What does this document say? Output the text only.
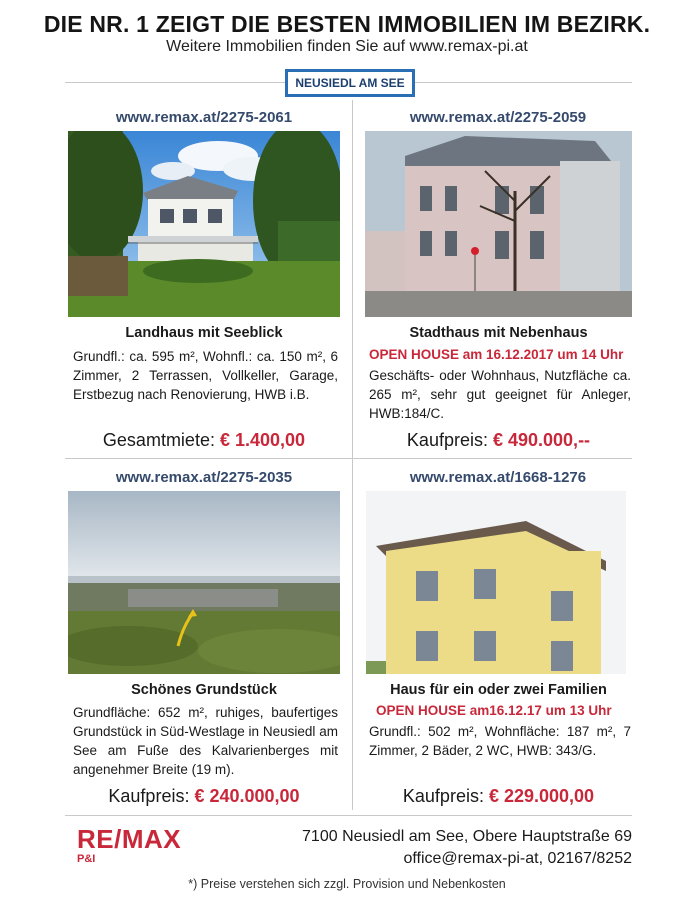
DIE NR. 1 ZEIGT DIE BESTEN IMMOBILIEN IM BEZIRK.
Weitere Immobilien finden Sie auf www.remax-pi.at
NEUSIEDL AM SEE
www.remax.at/2275-2061
Landhaus mit Seeblick
Grundfl.: ca. 595 m², Wohnfl.: ca. 150 m², 6 Zimmer, 2 Terrassen, Vollkeller, Garage, Erstbezug nach Renovierung, HWB i.B.
Gesamtmiete: € 1.400,00
www.remax.at/2275-2059
Stadthaus mit Nebenhaus
OPEN HOUSE am 16.12.2017 um 14 Uhr
Geschäfts- oder Wohnhaus, Nutzfläche ca. 265 m², sehr gut geeignet für Anleger, HWB:184/C.
Kaufpreis: € 490.000,--
www.remax.at/2275-2035
Schönes Grundstück
Grundfläche: 652 m², ruhiges, baufertiges Grundstück in Süd-Westlage in Neusiedl am See am Fuße des Kalvarienberges mit angenehmer Breite (19 m).
Kaufpreis: € 240.000,00
www.remax.at/1668-1276
Haus für ein oder zwei Familien
OPEN HOUSE am16.12.17 um 13 Uhr
Grundfl.: 502 m², Wohnfläche: 187 m², 7 Zimmer, 2 Bäder, 2 WC, HWB: 343/G.
Kaufpreis: € 229.000,00
RE/MAX
P&I
7100 Neusiedl am See, Obere Hauptstraße 69
office@remax-pi-at, 02167/8252
*) Preise verstehen sich zzgl. Provision und Nebenkosten
